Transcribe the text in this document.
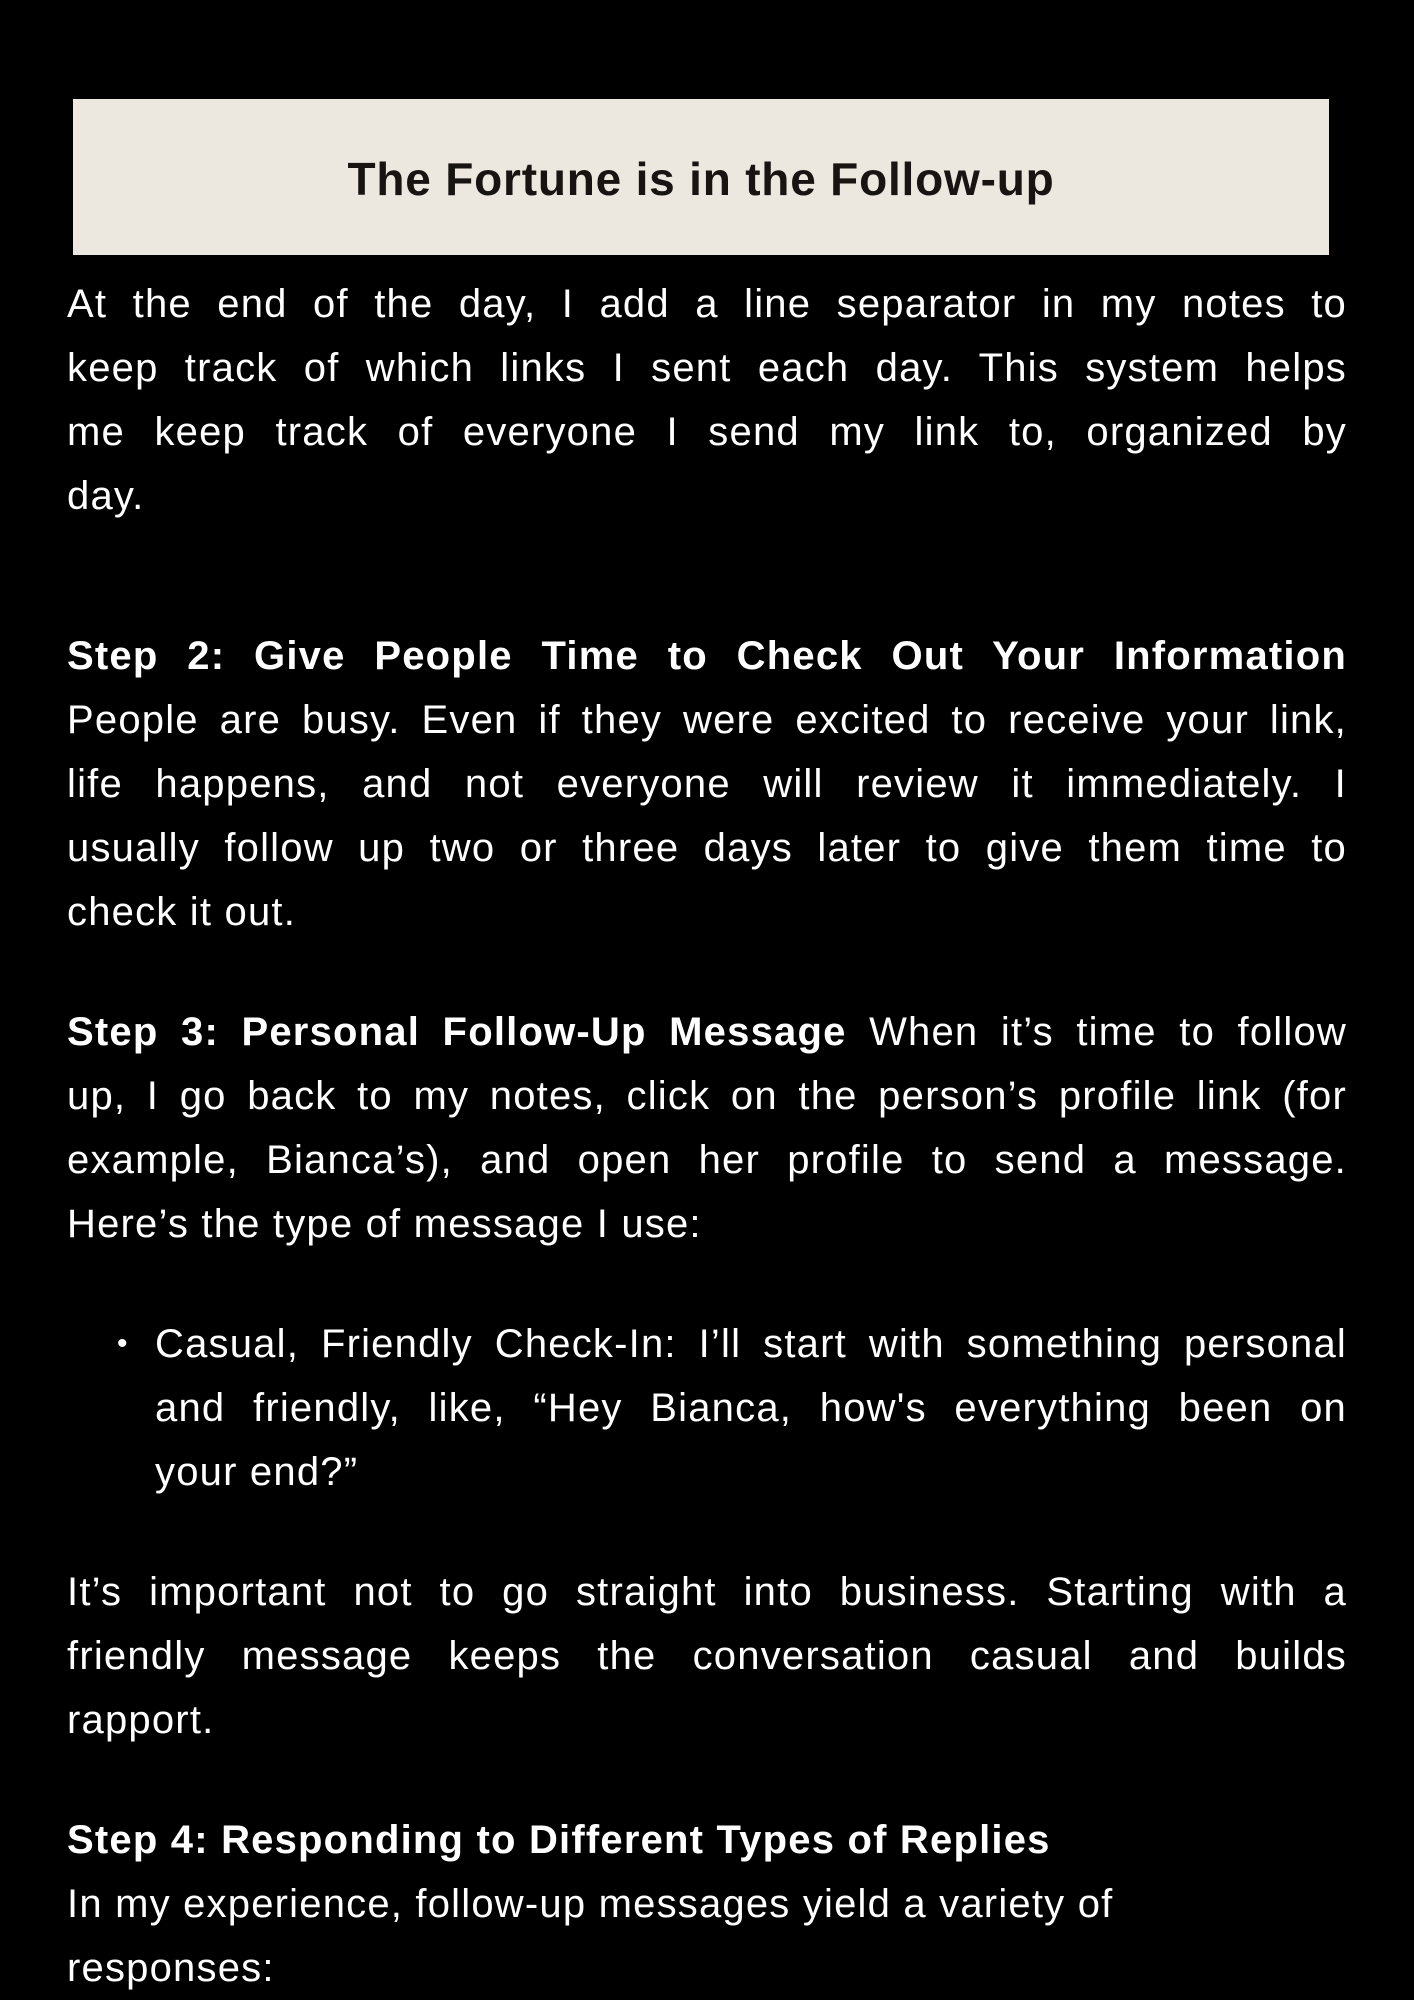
The Fortune is in the Follow-up
At the end of the day, I add a line separator in my notes to
keep track of which links I sent each day. This system helps
me keep track of everyone I send my link to, organized by
day.
Step 2: Give People Time to Check Out Your Information
People are busy. Even if they were excited to receive your link,
life happens, and not everyone will review it immediately. I
usually follow up two or three days later to give them time to
check it out.
Step 3: Personal Follow-Up Message When it’s time to follow
up, I go back to my notes, click on the person’s profile link (for
example, Bianca’s), and open her profile to send a message.
Here’s the type of message I use:
• Casual, Friendly Check-In: I’ll start with something personal
and friendly, like, “Hey Bianca, how's everything been on
your end?”
It’s important not to go straight into business. Starting with a
friendly message keeps the conversation casual and builds
rapport.
Step 4: Responding to Different Types of Replies
In my experience, follow-up messages yield a variety of
responses:
